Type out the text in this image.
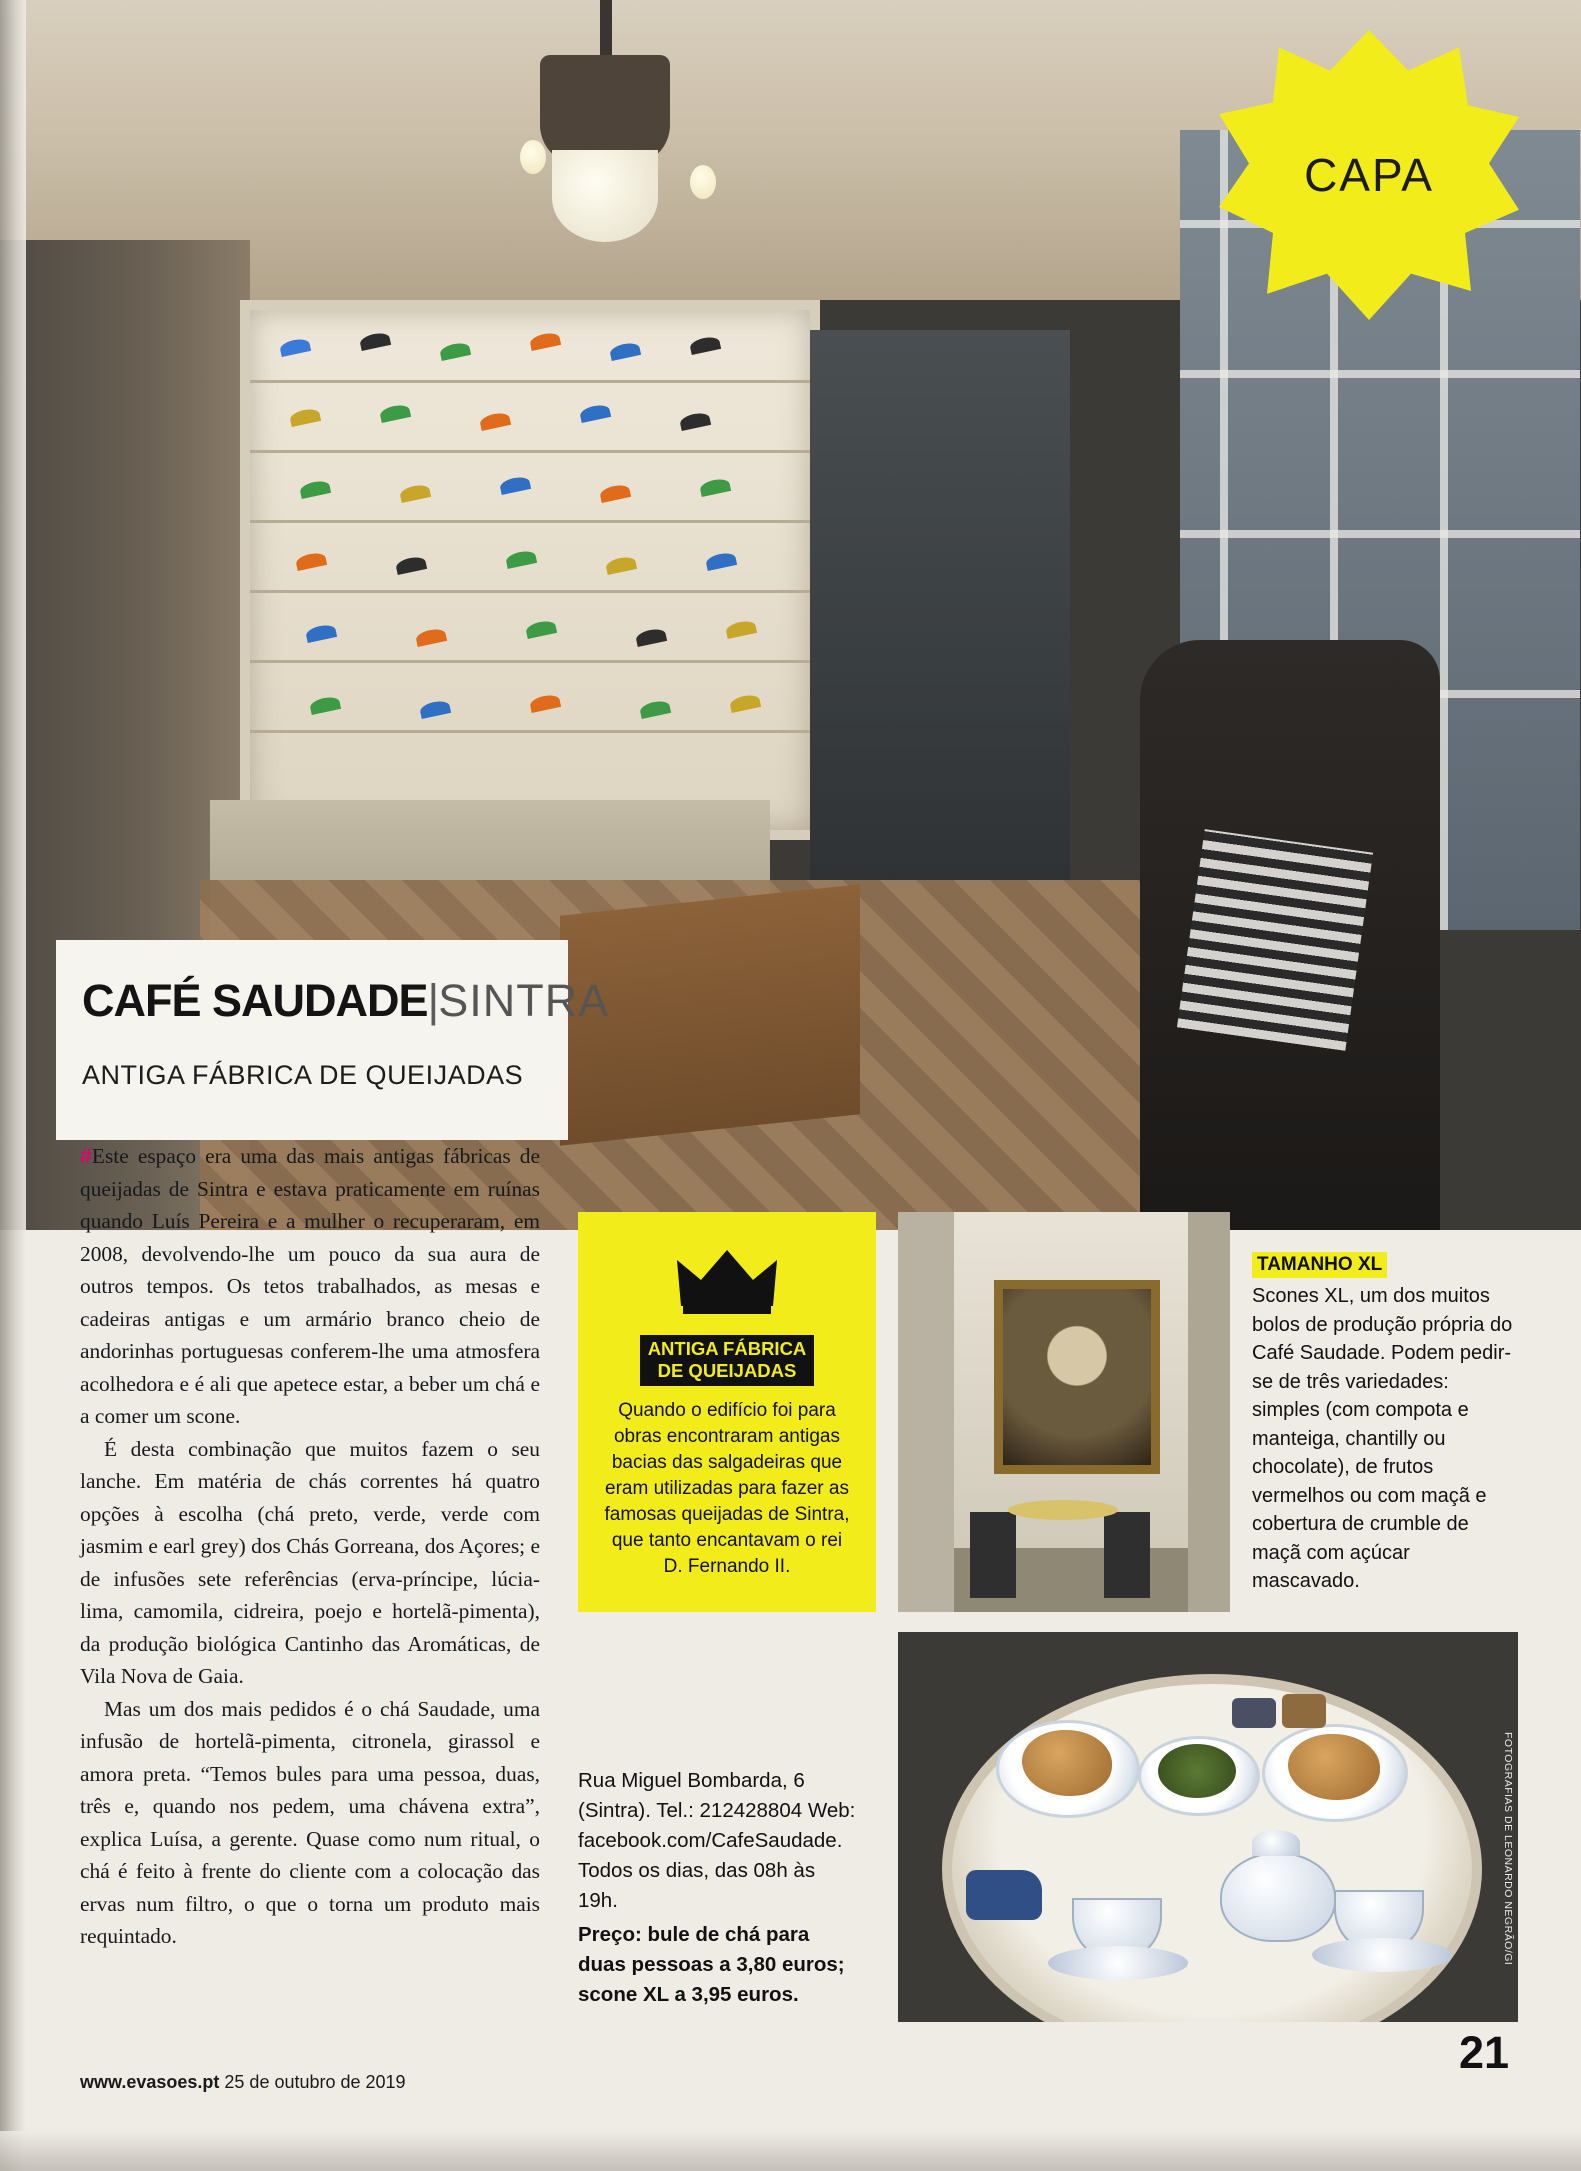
CAPA
CAFÉ SAUDADE|SINTRA
ANTIGA FÁBRICA DE QUEIJADAS

#Este espaço era uma das mais antigas fábricas de queijadas de Sintra e estava praticamente em ruínas quando Luís Pereira e a mulher o recuperaram, em 2008, devolvendo-lhe um pouco da sua aura de outros tempos. Os tetos trabalhados, as mesas e cadeiras antigas e um armário branco cheio de andorinhas portuguesas conferem-lhe uma atmosfera acolhedora e é ali que apetece estar, a beber um chá e a comer um scone.

É desta combinação que muitos fazem o seu lanche. Em matéria de chás correntes há quatro opções à escolha (chá preto, verde, verde com jasmim e earl grey) dos Chás Gorreana, dos Açores; e de infusões sete referências (erva-príncipe, lúcia-lima, camomila, cidreira, poejo e hortelã-pimenta), da produção biológica Cantinho das Aromáticas, de Vila Nova de Gaia.

Mas um dos mais pedidos é o chá Saudade, uma infusão de hortelã-pimenta, citronela, girassol e amora preta. “Temos bules para uma pessoa, duas, três e, quando nos pedem, uma chávena extra”, explica Luísa, a gerente. Quase como num ritual, o chá é feito à frente do cliente com a colocação das ervas num filtro, o que o torna um produto mais requintado.

ANTIGA FÁBRICA
DE QUEIJADAS
Quando o edifício foi para obras encontraram antigas bacias das salgadeiras que eram utilizadas para fazer as famosas queijadas de Sintra, que tanto encantavam o rei D. Fernando II.
TAMANHO XL
Scones XL, um dos muitos bolos de produção própria do Café Saudade. Podem pedir-se de três variedades: simples (com compota e manteiga, chantilly ou chocolate), de frutos vermelhos ou com maçã e cobertura de crumble de maçã com açúcar mascavado.
FOTOGRAFIAS DE LEONARDO NEGRÃO/GI
Rua Miguel Bombarda, 6 (Sintra). Tel.: 212428804 Web: facebook.com/CafeSaudade. Todos os dias, das 08h às 19h.
Preço: bule de chá para duas pessoas a 3,80 euros; scone XL a 3,95 euros.
www.evasoes.pt 25 de outubro de 2019
21
